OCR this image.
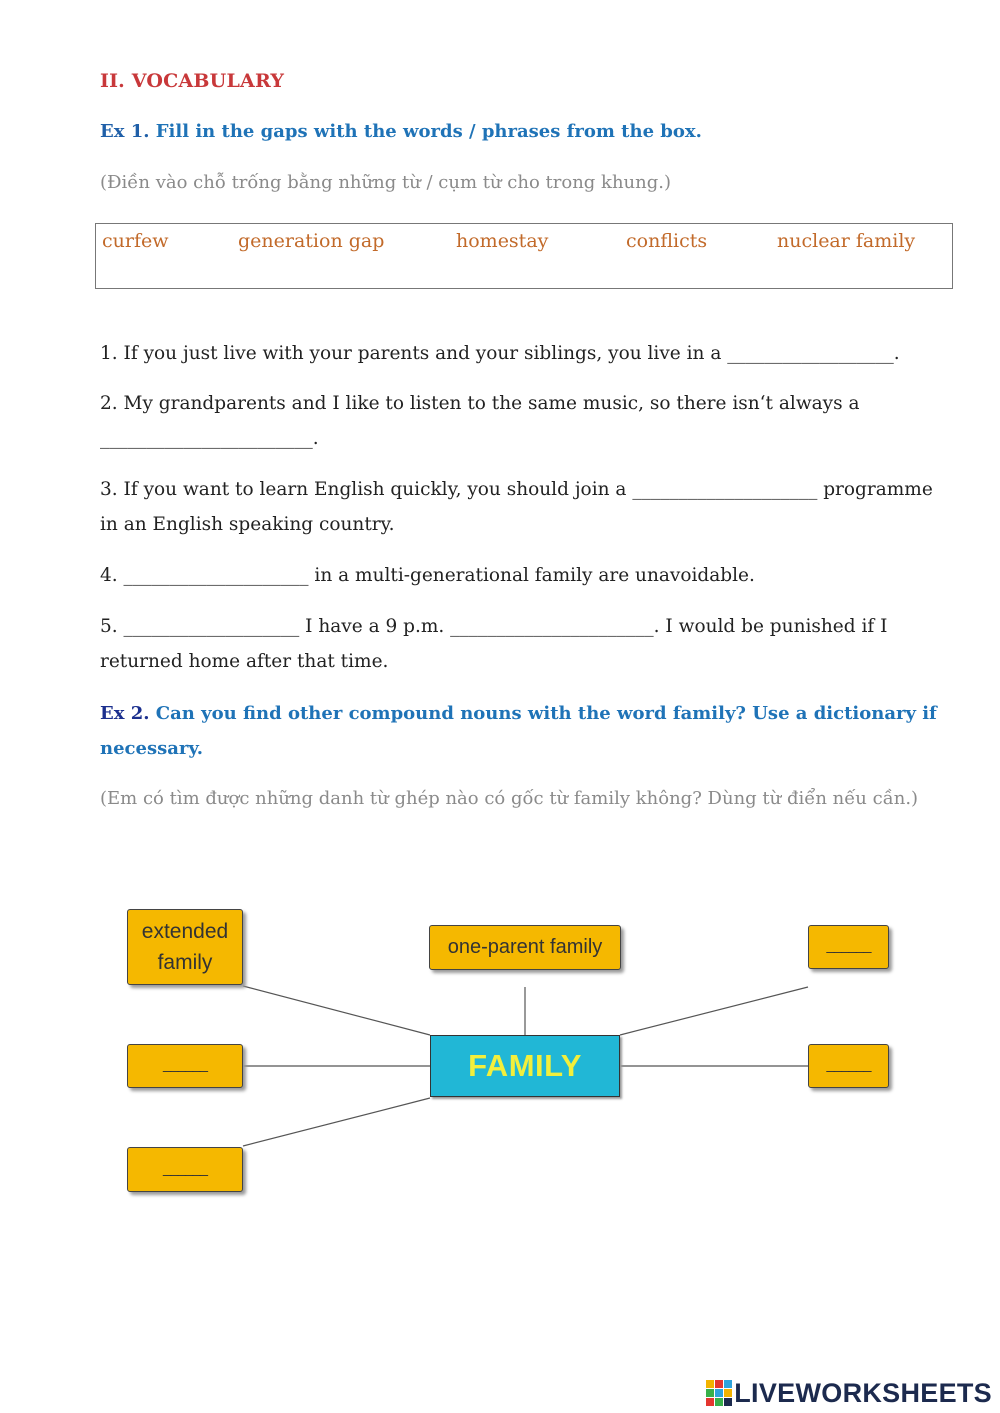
II. VOCABULARY
Ex 1. Fill in the gaps with the words / phrases from the box.
(Điền vào chỗ trống bằng những từ / cụm từ cho trong khung.)
curfew	generation gap	homestay	conflicts	nuclear family
1. If you just live with your parents and your siblings, you live in a __________________.
2. My grandparents and I like to listen to the same music, so there isn‘t always a _______________________.
3. If you want to learn English quickly, you should join a ____________________ programme in an English speaking country.
4. ____________________ in a multi-generational family are unavoidable.
5. ___________________ I have a 9 p.m. ______________________. I would be punished if I returned home after that time.
Ex 2. Can you find other compound nouns with the word family? Use a dictionary if necessary.
(Em có tìm được những danh từ ghép nào có gốc từ family không? Dùng từ điển nếu cần.)
extended
family
one-parent family	______
______	______
______
FAMILY
LIVEWORKSHEETS
